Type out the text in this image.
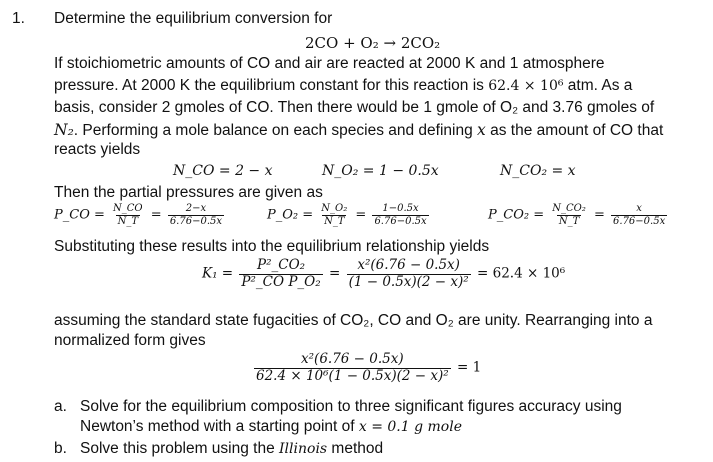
1. Determine the equilibrium conversion for
2CO + O₂ → 2CO₂
If stoichiometric amounts of CO and air are reacted at 2000 K and 1 atmosphere
pressure. At 2000 K the equilibrium constant for this reaction is 62.4 × 10⁶ atm. As a
basis, consider 2 gmoles of CO. Then there would be 1 gmole of O₂ and 3.76 gmoles of
N₂. Performing a mole balance on each species and defining x as the amount of CO that
reacts yields
N_CO = 2 − x	N_O₂ = 1 − 0.5x	N_CO₂ = x
Then the partial pressures are given as
P_CO = $\frac{N\_CO}{N\_T} = \frac{2-x}{6.76-0.5x}$	P_O₂ = $\frac{\text{N\_O₂}}{N\_T} = \frac{1-0.5x}{6.76-0.5x}$	P_CO₂ = $\frac{\text{N\_CO₂}}{N\_T} = \frac{x}{6.76-0.5x}$
Substituting these results into the equilibrium relationship yields
$K_1 = \frac{\text{P²\_CO₂}}{\text{P²\_CO P\_O₂}} = \frac{\text{x²(6.76 − 0.5x)}}{\text{(1 − 0.5x)(2 − x)²}} = 62.4 \times 10^6$
assuming the standard state fugacities of CO₂, CO and O₂ are unity. Rearranging into a
normalized form gives
$\frac{\text{x²(6.76 − 0.5x)}}{\text{62.4 × 10⁶(1 − 0.5x)(2 − x)²}} = 1$
a. Solve for the equilibrium composition to three significant figures accuracy using
Newton’s method with a starting point of x = 0.1 g mole
b. Solve this problem using the Illinois method
